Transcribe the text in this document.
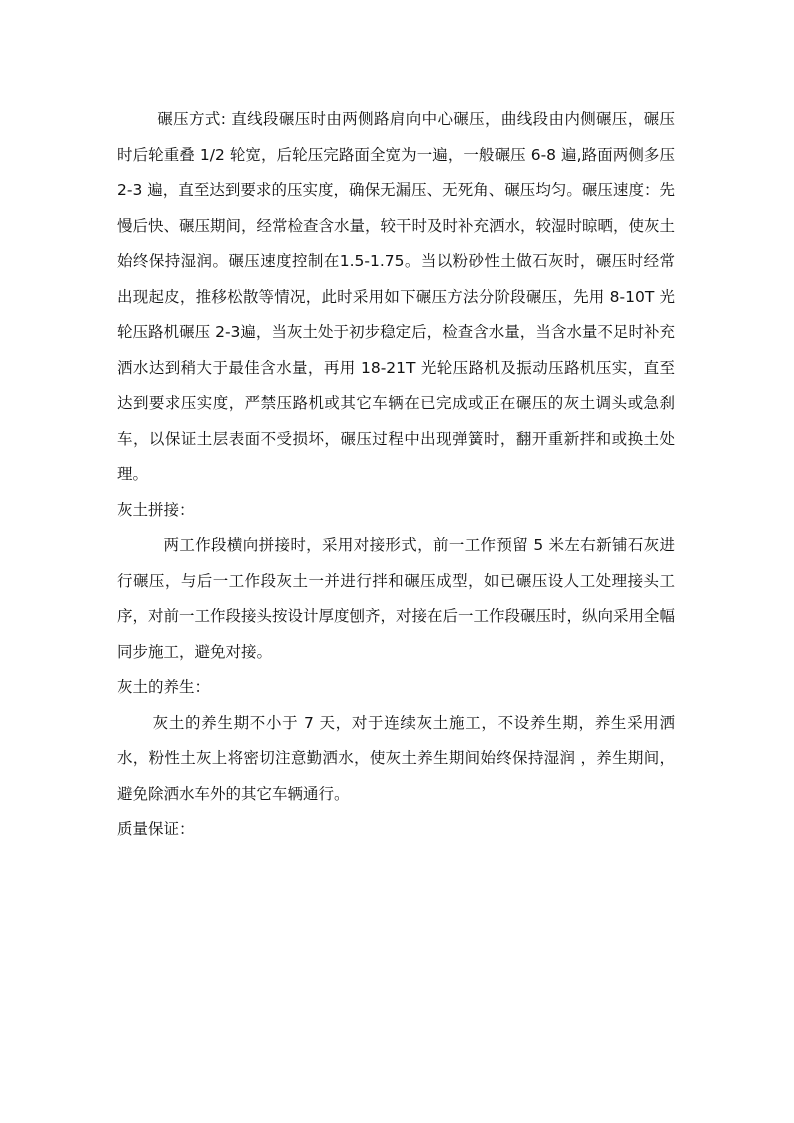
碾压方式: 直线段碾压时由两侧路肩向中心碾压，曲线段由内侧碾压，碾压时后轮重叠 1/2 轮宽，后轮压完路面全宽为一遍，一般碾压 6-8 遍,路面两侧多压 2-3 遍，直至达到要求的压实度，确保无漏压、无死角、碾压均匀。碾压速度：先慢后快、碾压期间，经常检查含水量，较干时及时补充洒水，较湿时晾晒，使灰土始终保持湿润。碾压速度控制在1.5-1.75。当以粉砂性土做石灰时，碾压时经常出现起皮，推移松散等情况，此时采用如下碾压方法分阶段碾压，先用 8-10T 光轮压路机碾压 2-3遍，当灰土处于初步稳定后，检查含水量，当含水量不足时补充洒水达到稍大于最佳含水量，再用 18-21T 光轮压路机及振动压路机压实，直至达到要求压实度，严禁压路机或其它车辆在已完成或正在碾压的灰土调头或急刹车，以保证土层表面不受损坏，碾压过程中出现弹簧时，翻开重新拌和或换土处理。

灰土拼接：

两工作段横向拼接时，采用对接形式，前一工作预留 5 米左右新铺石灰进行碾压，与后一工作段灰土一并进行拌和碾压成型，如已碾压设人工处理接头工序，对前一工作段接头按设计厚度刨齐，对接在后一工作段碾压时，纵向采用全幅同步施工，避免对接。

灰土的养生：

灰土的养生期不小于 7 天，对于连续灰土施工，不设养生期，养生采用洒水，粉性土灰上将密切注意勤洒水，使灰土养生期间始终保持湿润 ，养生期间，避免除洒水车外的其它车辆通行。

质量保证：
